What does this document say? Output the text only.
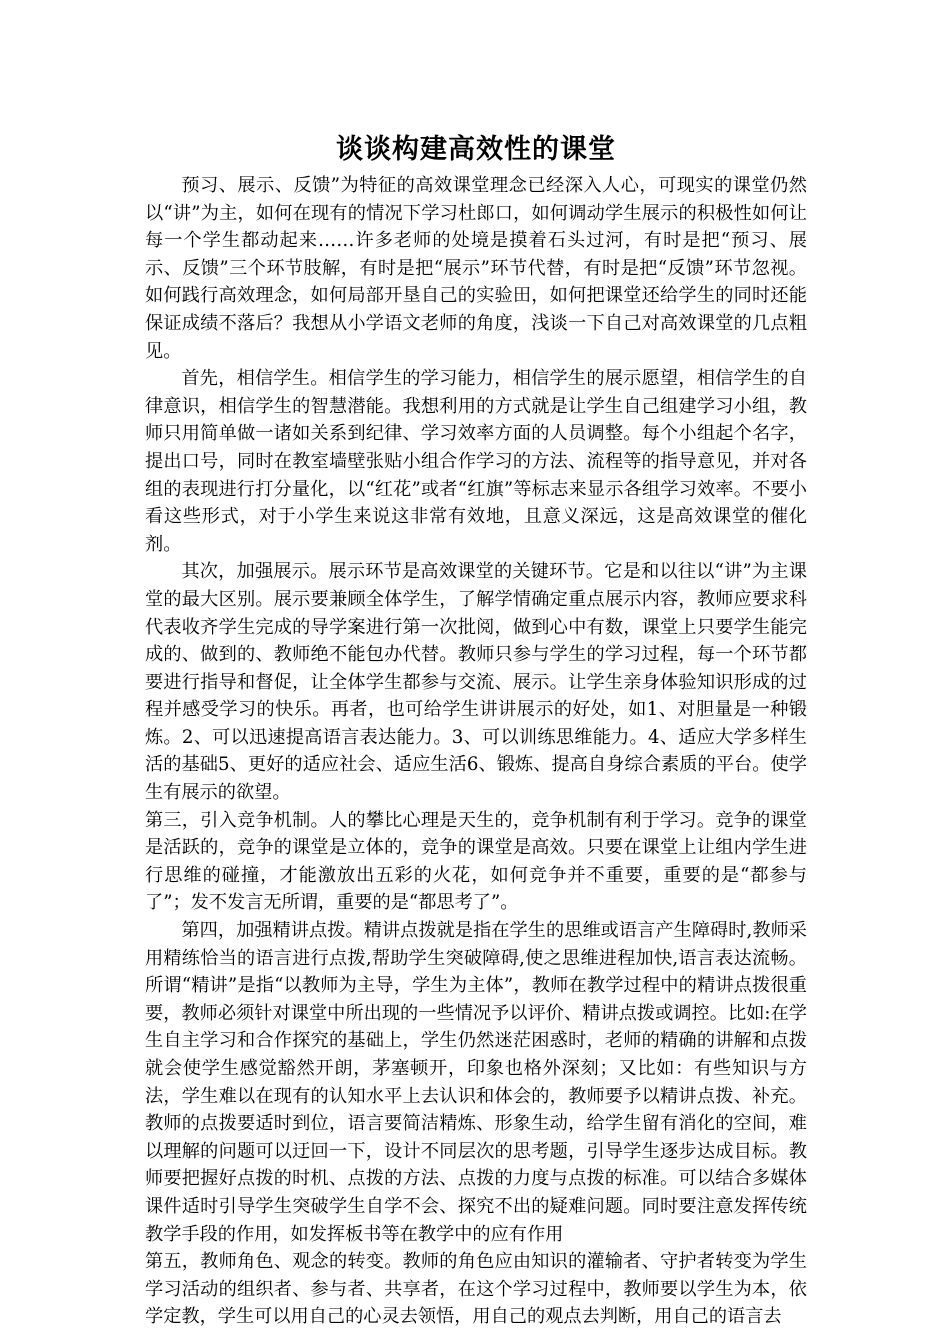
谈谈构建高效性的课堂

预习、展示、反馈”为特征的高效课堂理念已经深入人心，可现实的课堂仍然以“讲”为主，如何在现有的情况下学习杜郎口，如何调动学生展示的积极性如何让每一个学生都动起来……许多老师的处境是摸着石头过河，有时是把“预习、展示、反馈”三个环节肢解，有时是把“展示”环节代替，有时是把“反馈”环节忽视。如何践行高效理念，如何局部开垦自己的实验田，如何把课堂还给学生的同时还能保证成绩不落后？我想从小学语文老师的角度，浅谈一下自己对高效课堂的几点粗见。

首先，相信学生。相信学生的学习能力，相信学生的展示愿望，相信学生的自律意识，相信学生的智慧潜能。我想利用的方式就是让学生自己组建学习小组，教师只用简单做一诸如关系到纪律、学习效率方面的人员调整。每个小组起个名字，提出口号，同时在教室墙壁张贴小组合作学习的方法、流程等的指导意见，并对各组的表现进行打分量化，以“红花”或者“红旗”等标志来显示各组学习效率。不要小看这些形式，对于小学生来说这非常有效地，且意义深远，这是高效课堂的催化剂。

其次，加强展示。展示环节是高效课堂的关键环节。它是和以往以“讲”为主课堂的最大区别。展示要兼顾全体学生，了解学情确定重点展示内容，教师应要求科代表收齐学生完成的导学案进行第一次批阅，做到心中有数，课堂上只要学生能完成的、做到的、教师绝不能包办代替。教师只参与学生的学习过程，每一个环节都要进行指导和督促，让全体学生都参与交流、展示。让学生亲身体验知识形成的过程并感受学习的快乐。再者，也可给学生讲讲展示的好处，如1、对胆量是一种锻炼。2、可以迅速提高语言表达能力。3、可以训练思维能力。4、适应大学多样生活的基础5、更好的适应社会、适应生活6、锻炼、提高自身综合素质的平台。使学生有展示的欲望。

第三，引入竞争机制。人的攀比心理是天生的，竞争机制有利于学习。竞争的课堂是活跃的，竞争的课堂是立体的，竞争的课堂是高效。只要在课堂上让组内学生进行思维的碰撞，才能激放出五彩的火花，如何竞争并不重要，重要的是“都参与了”；发不发言无所谓，重要的是“都思考了”。

第四，加强精讲点拨。精讲点拨就是指在学生的思维或语言产生障碍时,教师采用精练恰当的语言进行点拨,帮助学生突破障碍,使之思维进程加快,语言表达流畅。所谓“精讲”是指“以教师为主导，学生为主体”，教师在教学过程中的精讲点拨很重要，教师必须针对课堂中所出现的一些情况予以评价、精讲点拨或调控。比如:在学生自主学习和合作探究的基础上，学生仍然迷茫困惑时，老师的精确的讲解和点拨就会使学生感觉豁然开朗，茅塞顿开，印象也格外深刻；又比如：有些知识与方法，学生难以在现有的认知水平上去认识和体会的，教师要予以精讲点拨、补充。教师的点拨要适时到位，语言要简洁精炼、形象生动，给学生留有消化的空间，难以理解的问题可以迂回一下，设计不同层次的思考题，引导学生逐步达成目标。教师要把握好点拨的时机、点拨的方法、点拨的力度与点拨的标准。可以结合多媒体课件适时引导学生突破学生自学不会、探究不出的疑难问题。同时要注意发挥传统教学手段的作用，如发挥板书等在教学中的应有作用

第五，教师角色、观念的转变。教师的角色应由知识的灌输者、守护者转变为学生学习活动的组织者、参与者、共享者，在这个学习过程中，教师要以学生为本，依学定教，学生可以用自己的心灵去领悟，用自己的观点去判断，用自己的语言去
